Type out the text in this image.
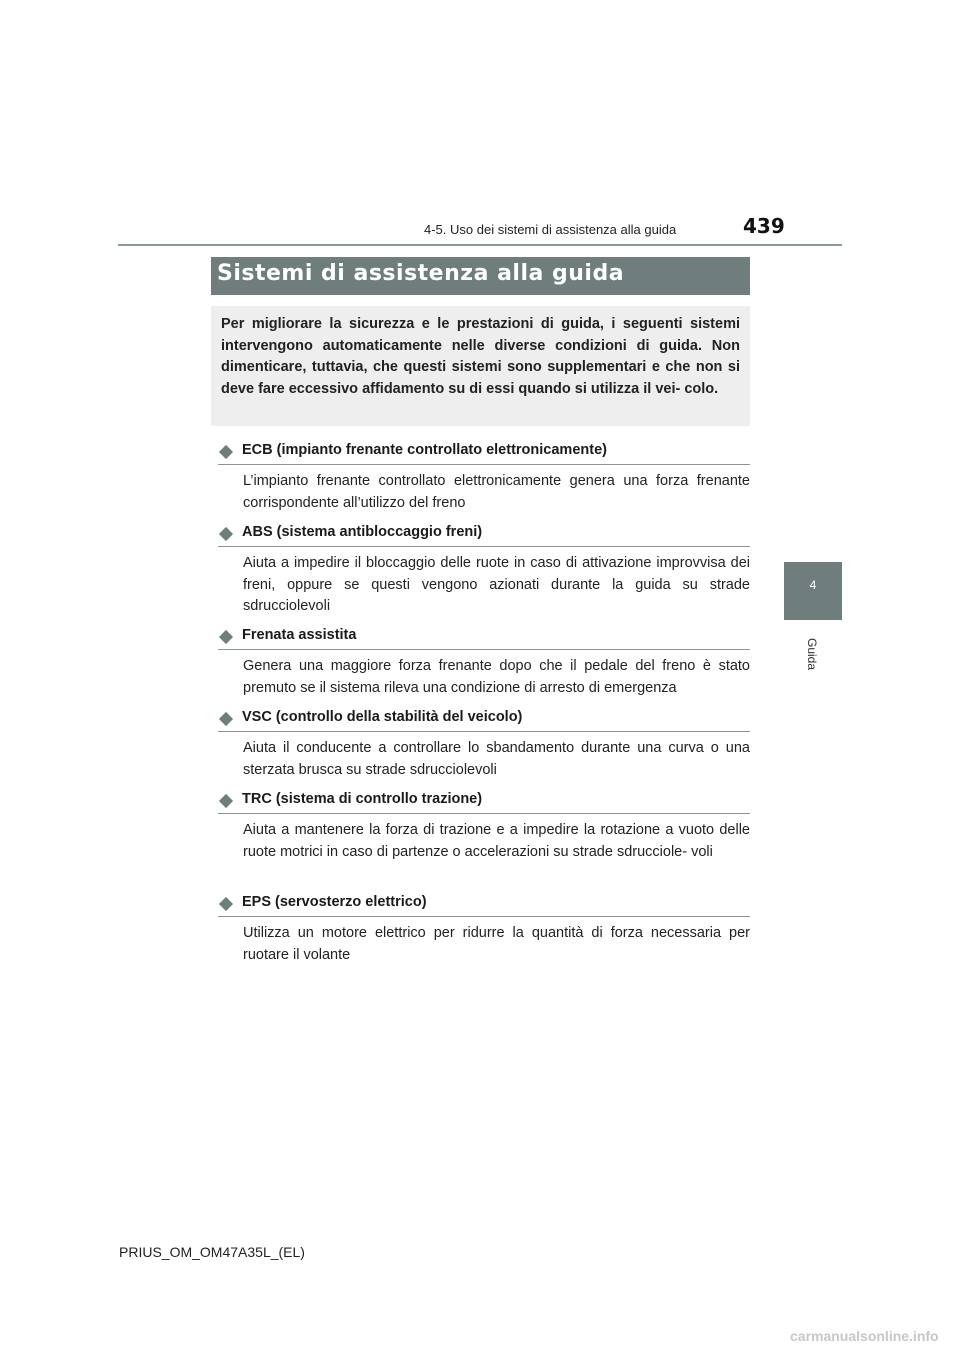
4-5. Uso dei sistemi di assistenza alla guida	439
4
Guida
Sistemi di assistenza alla guida

Per migliorare la sicurezza e le prestazioni di guida, i seguenti sistemi intervengono automaticamente nelle diverse condizioni di guida. Non dimenticare, tuttavia, che questi sistemi sono supplementari e che non si deve fare eccessivo affidamento su di essi quando si utilizza il vei- colo.

ECB (impianto frenante controllato elettronicamente)

L’impianto frenante controllato elettronicamente genera una forza frenante corrispondente all’utilizzo del freno

ABS (sistema antibloccaggio freni)

Aiuta a impedire il bloccaggio delle ruote in caso di attivazione improvvisa dei freni, oppure se questi vengono azionati durante la guida su strade sdrucciolevoli

Frenata assistita

Genera una maggiore forza frenante dopo che il pedale del freno è stato premuto se il sistema rileva una condizione di arresto di emergenza

VSC (controllo della stabilità del veicolo)

Aiuta il conducente a controllare lo sbandamento durante una curva o una sterzata brusca su strade sdrucciolevoli

TRC (sistema di controllo trazione)

Aiuta a mantenere la forza di trazione e a impedire la rotazione a vuoto delle ruote motrici in caso di partenze o accelerazioni su strade sdrucciole- voli

EPS (servosterzo elettrico)

Utilizza un motore elettrico per ridurre la quantità di forza necessaria per ruotare il volante

PRIUS_OM_OM47A35L_(EL)
carmanualsonline.info
